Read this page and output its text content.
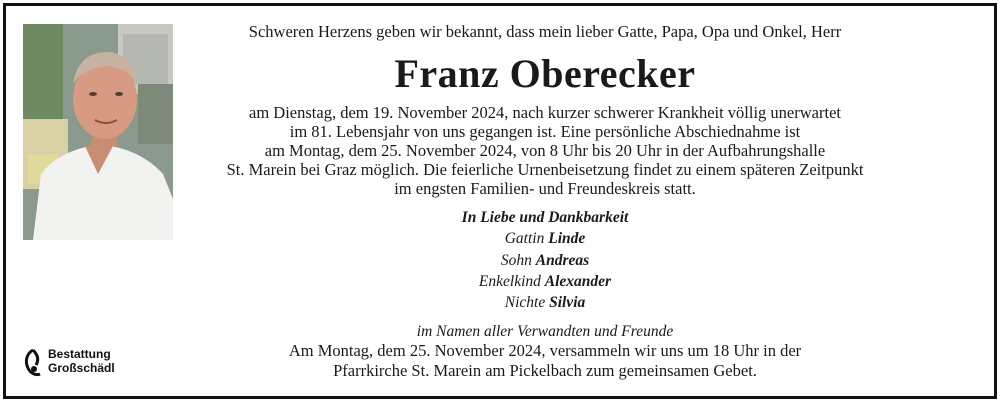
Bestattung
Großschädl
Schweren Herzens geben wir bekannt, dass mein lieber Gatte, Papa, Opa und Onkel, Herr
Franz Oberecker
am Dienstag, dem 19. November 2024, nach kurzer schwerer Krankheit völlig unerwartet
im 81. Lebensjahr von uns gegangen ist. Eine persönliche Abschiednahme ist
am Montag, dem 25. November 2024, von 8 Uhr bis 20 Uhr in der Aufbahrungshalle
St. Marein bei Graz möglich. Die feierliche Urnenbeisetzung findet zu einem späteren Zeitpunkt
im engsten Familien- und Freundeskreis statt.
In Liebe und Dankbarkeit
Gattin Linde
Sohn Andreas
Enkelkind Alexander
Nichte Silvia
im Namen aller Verwandten und Freunde
Am Montag, dem 25. November 2024, versammeln wir uns um 18 Uhr in der
Pfarrkirche St. Marein am Pickelbach zum gemeinsamen Gebet.
